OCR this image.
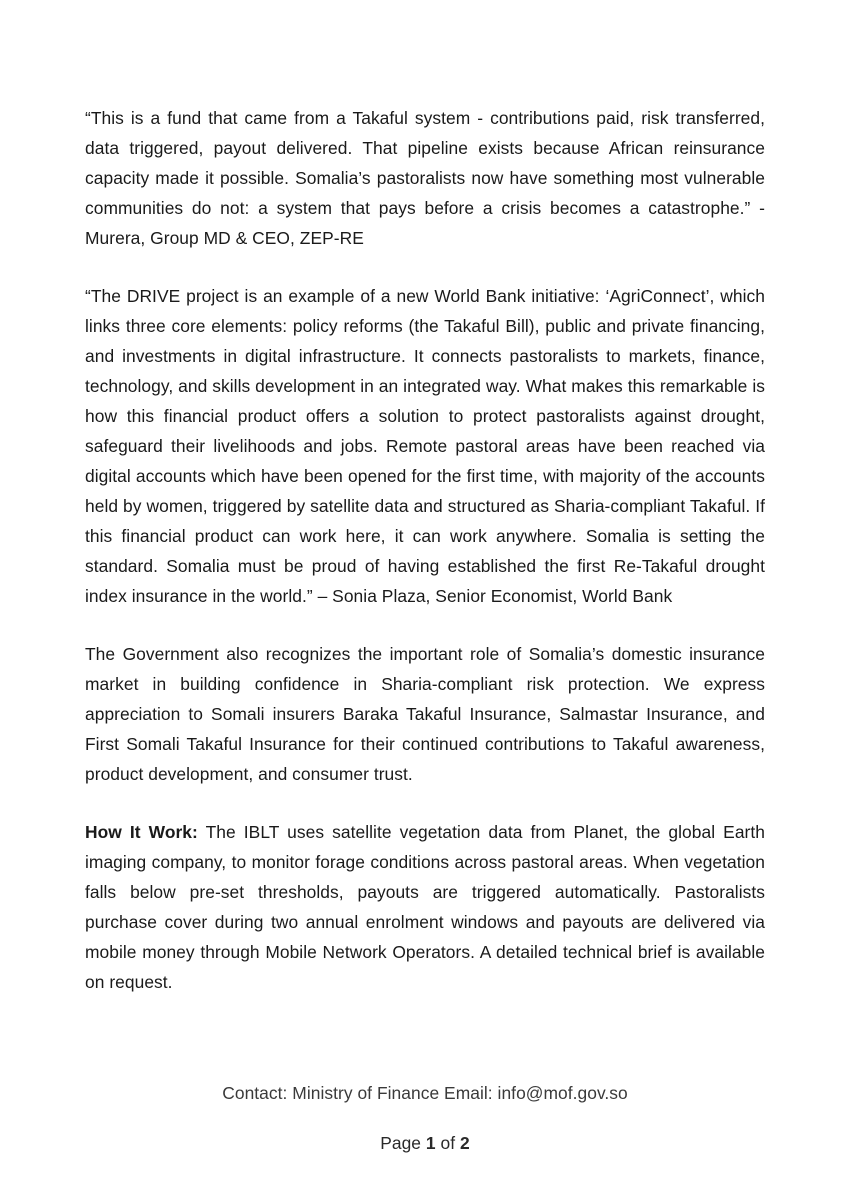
“This is a fund that came from a Takaful system - contributions paid, risk transferred, data triggered, payout delivered. That pipeline exists because African reinsurance capacity made it possible. Somalia’s pastoralists now have something most vulnerable communities do not: a system that pays before a crisis becomes a catastrophe.” - Murera, Group MD & CEO, ZEP-RE

“The DRIVE project is an example of a new World Bank initiative: ‘AgriConnect’, which links three core elements: policy reforms (the Takaful Bill), public and private financing, and investments in digital infrastructure. It connects pastoralists to markets, finance, technology, and skills development in an integrated way. What makes this remarkable is how this financial product offers a solution to protect pastoralists against drought, safeguard their livelihoods and jobs. Remote pastoral areas have been reached via digital accounts which have been opened for the first time, with majority of the accounts held by women, triggered by satellite data and structured as Sharia-compliant Takaful. If this financial product can work here, it can work anywhere. Somalia is setting the standard. Somalia must be proud of having established the first Re-Takaful drought index insurance in the world.” – Sonia Plaza, Senior Economist, World Bank

The Government also recognizes the important role of Somalia’s domestic insurance market in building confidence in Sharia-compliant risk protection. We express appreciation to Somali insurers Baraka Takaful Insurance, Salmastar Insurance, and First Somali Takaful Insurance for their continued contributions to Takaful awareness, product development, and consumer trust.

How It Work: The IBLT uses satellite vegetation data from Planet, the global Earth imaging company, to monitor forage conditions across pastoral areas. When vegetation falls below pre-set thresholds, payouts are triggered automatically. Pastoralists purchase cover during two annual enrolment windows and payouts are delivered via mobile money through Mobile Network Operators. A detailed technical brief is available on request.

Contact: Ministry of Finance Email: info@mof.gov.so
Page 1 of 2
